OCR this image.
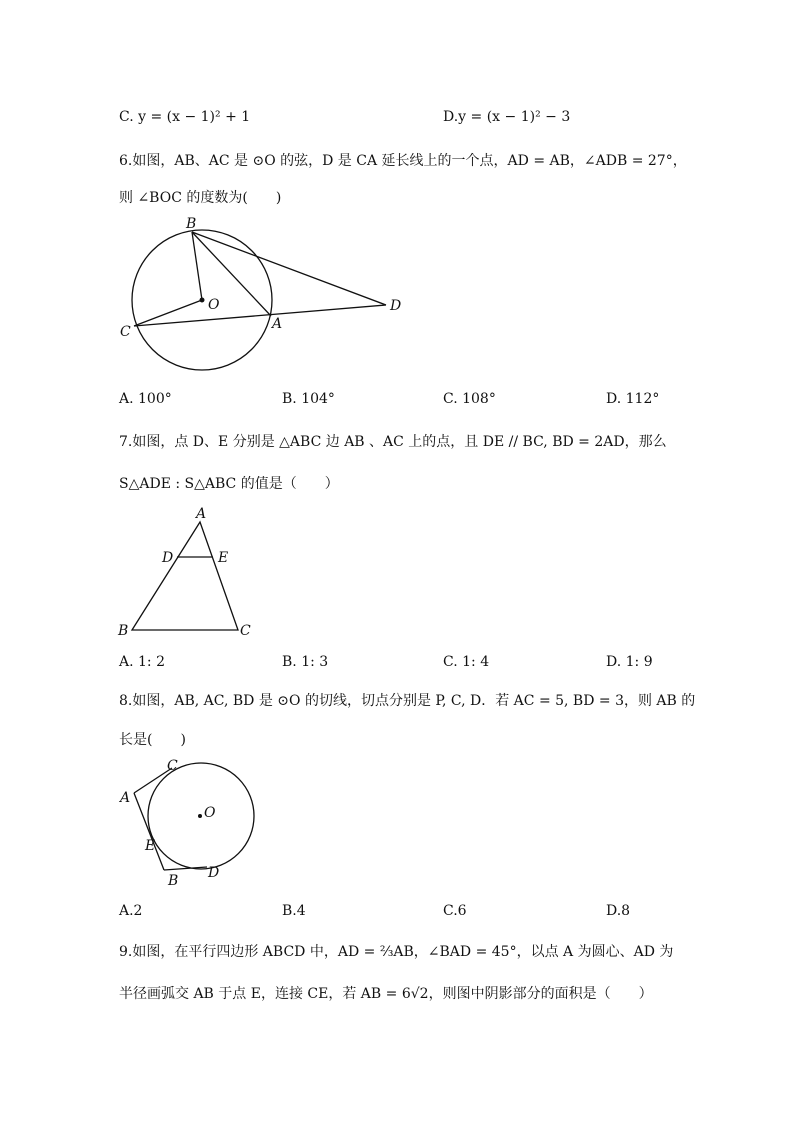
C. y = (x − 1)² + 1	D.y = (x − 1)² − 3
6.如图，AB、AC 是 ⊙O 的弦，D 是 CA 延长线上的一个点，AD = AB，∠ADB = 27°，
则 ∠BOC 的度数为(　　)
B
O
C	A
D
A. 100°	B. 104°	C. 108°	D. 112°
7.如图，点 D、E 分别是 △ABC 边 AB 、AC 上的点，且 DE // BC, BD = 2AD，那么
S△ADE : S△ABC 的值是（　　）
A
D	E
B	C
A. 1: 2	B. 1: 3	C. 1: 4	D. 1: 9
8.如图，AB, AC, BD 是 ⊙O 的切线，切点分别是 P, C, D．若 AC = 5, BD = 3，则 AB 的
长是(　　)
C
A
O
E
B D
A.2	B.4	C.6	D.8
9.如图，在平行四边形 ABCD 中，AD = ⅔AB，∠BAD = 45°，以点 A 为圆心、AD 为
半径画弧交 AB 于点 E，连接 CE，若 AB = 6√2，则图中阴影部分的面积是（　　）
